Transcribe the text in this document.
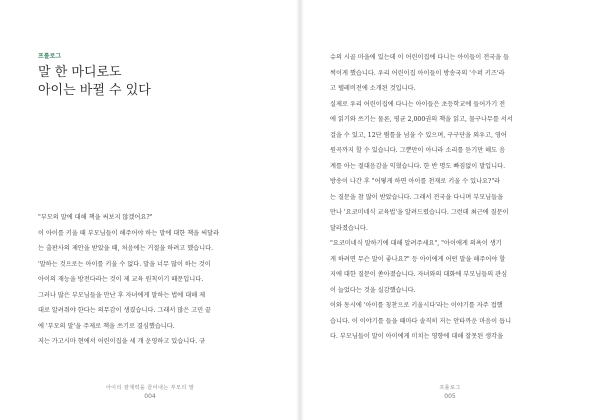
프롤로그
말 한 마디로도
아이는 바뀔 수 있다

"부모의 말에 대해 책을 써보지 않겠어요?"

이 아이를 키울 때 부모님들이 해주어야 하는 말에 대한 책을 써달라

는 출판사의 제안을 받았을 때, 처음에는 거절을 하려고 했습니다.

'말하는 것으로는 아이를 키울 수 없다. 말을 너무 많이 하는 것이

아이의 재능을 방전다라는 것이 제 교육 원칙이기 때문입니다.

그러나 많은 부모님들을 만난 후 자녀에게 말하는 법에 대해 제

대로 알려줘야 한다는 의무감이 생겼습니다. 그래서 많은 고민 끝

에 '부모의 말'을 주제로 책을 쓰기로 결심했습니다.

저는 가고시마 현에서 어린이집을 세 개 운영하고 있습니다. 규

아이의 잠재력을 끌어내는 부모의 말
004

슈의 시골 마을에 있는데 이 어린이집에 다니는 아이들이 전국을 들

썩이게 했습니다. 우리 어린이집 아이들이 방송국의 '수퍼 키즈'라

고 텔레비전에 소개된 것입니다.

실제로 우리 어린이집에 다니는 아이들은 초등학교에 들어가기 전

에 읽기와 쓰기는 물론, 평균 2,000권의 책을 읽고, 물구나무를 서서

걸을 수 있고, 12단 뜀틀을 넘을 수 있으며, 구구단을 외우고, 영어

원곡까지 할 수 있습니다. 그뿐만이 아니라 소리를 듣기만 해도 음

계를 아는 절대음감을 익혔습니다. 한 반 명도 빠짐없이 말입니다.

방송이 나간 후 "어떻게 하면 아이를 천재로 키울 수 있나요?"라

는 질문을 참 많이 받았습니다. 그래서 전국을 다니며 부모님들을

만나 '요코미네식 교육법'을 알려드렸습니다. 그런데 최근에 질문이

달라졌습니다.

"요코미네식 말하기에 대해 알려주세요", "아이에게 의욕이 생기

게 하려면 무슨 말이 좋나요?" 등 아이에게 어떤 말을 해주어야 할

지에 대한 질문이 쏟아졌습니다. 자녀와의 대화에 부모님들의 관심

이 늘었다는 것을 실감했습니다.

이와 동시에 '아이를 칭찬으로 키울시다'라는 이야기를 자주 접했

습니다. 이 이야기를 들을 때마다 솔직히 저는 안타까운 마음이 듭니

다. 부모님들이 말이 아이에게 미치는 영향에 대해 잘못된 생각을

프롤로그
005
